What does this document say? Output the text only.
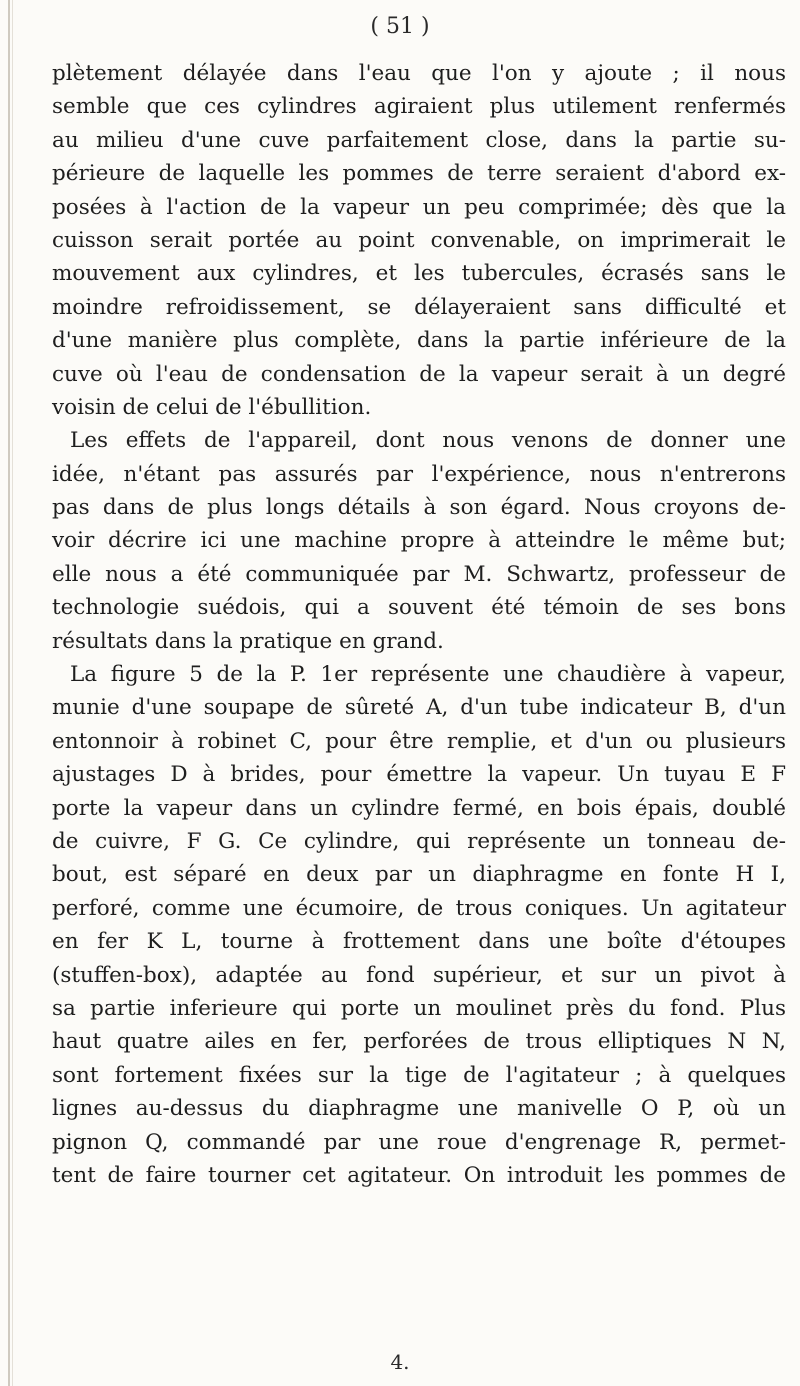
( 51 )
plètement délayée dans l'eau que l'on y ajoute ; il nous
semble que ces cylindres agiraient plus utilement renfermés
au milieu d'une cuve parfaitement close, dans la partie su-
périeure de laquelle les pommes de terre seraient d'abord ex-
posées à l'action de la vapeur un peu comprimée; dès que la
cuisson serait portée au point convenable, on imprimerait le
mouvement aux cylindres, et les tubercules, écrasés sans le
moindre refroidissement, se délayeraient sans difficulté et
d'une manière plus complète, dans la partie inférieure de la
cuve où l'eau de condensation de la vapeur serait à un degré
voisin de celui de l'ébullition.
Les effets de l'appareil, dont nous venons de donner une
idée, n'étant pas assurés par l'expérience, nous n'entrerons
pas dans de plus longs détails à son égard. Nous croyons de-
voir décrire ici une machine propre à atteindre le même but;
elle nous a été communiquée par M. Schwartz, professeur de
technologie suédois, qui a souvent été témoin de ses bons
résultats dans la pratique en grand.
La figure 5 de la P. 1er représente une chaudière à vapeur,
munie d'une soupape de sûreté A, d'un tube indicateur B, d'un
entonnoir à robinet C, pour être remplie, et d'un ou plusieurs
ajustages D à brides, pour émettre la vapeur. Un tuyau E F
porte la vapeur dans un cylindre fermé, en bois épais, doublé
de cuivre, F G. Ce cylindre, qui représente un tonneau de-
bout, est séparé en deux par un diaphragme en fonte H I,
perforé, comme une écumoire, de trous coniques. Un agitateur
en fer K L, tourne à frottement dans une boîte d'étoupes
(stuffen-box), adaptée au fond supérieur, et sur un pivot à
sa partie inferieure qui porte un moulinet près du fond. Plus
haut quatre ailes en fer, perforées de trous elliptiques N N,
sont fortement fixées sur la tige de l'agitateur ; à quelques
lignes au-dessus du diaphragme une manivelle O P, où un
pignon Q, commandé par une roue d'engrenage R, permet-
tent de faire tourner cet agitateur. On introduit les pommes de
4.
